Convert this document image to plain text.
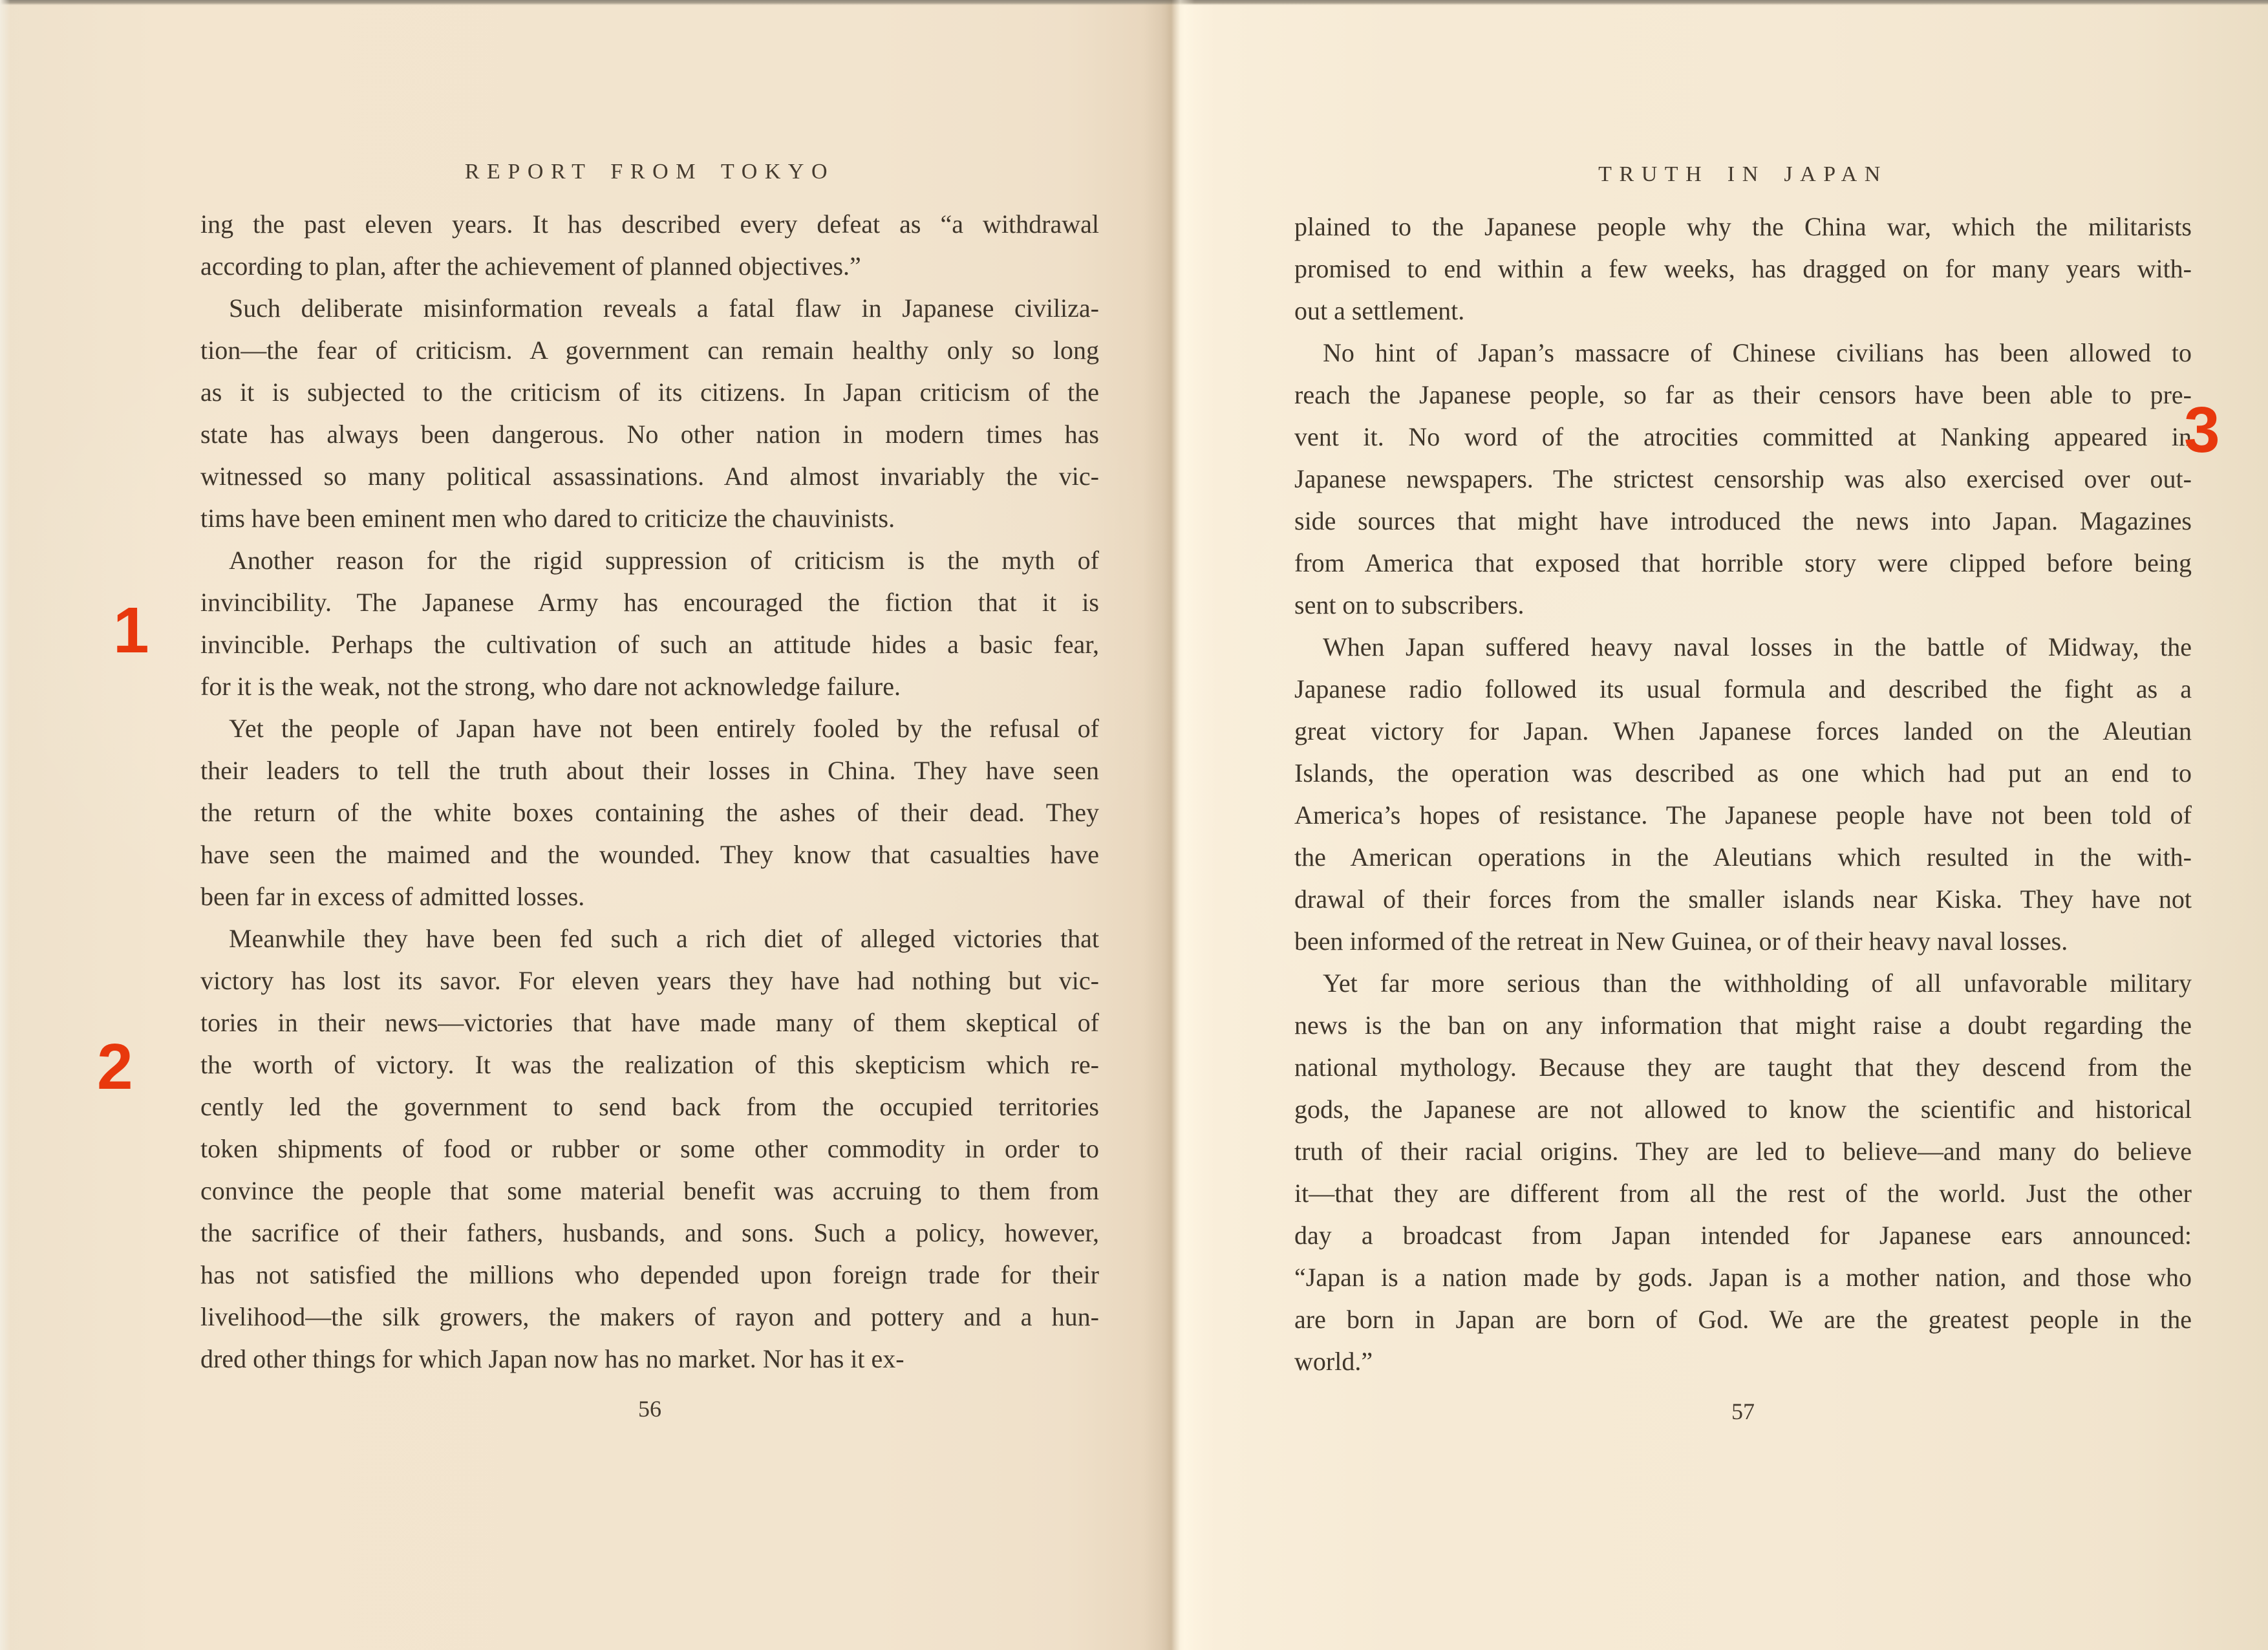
REPORT FROM TOKYO
ing the past eleven years. It has described every defeat as “a withdrawal
according to plan, after the achievement of planned objectives.”
Such deliberate misinformation reveals a fatal flaw in Japanese civiliza-
tion—the fear of criticism. A government can remain healthy only so long
as it is subjected to the criticism of its citizens. In Japan criticism of the
state has always been dangerous. No other nation in modern times has
witnessed so many political assassinations. And almost invariably the vic-
tims have been eminent men who dared to criticize the chauvinists.
Another reason for the rigid suppression of criticism is the myth of
invincibility. The Japanese Army has encouraged the fiction that it is
invincible. Perhaps the cultivation of such an attitude hides a basic fear,
for it is the weak, not the strong, who dare not acknowledge failure.
Yet the people of Japan have not been entirely fooled by the refusal of
their leaders to tell the truth about their losses in China. They have seen
the return of the white boxes containing the ashes of their dead. They
have seen the maimed and the wounded. They know that casualties have
been far in excess of admitted losses.
Meanwhile they have been fed such a rich diet of alleged victories that
victory has lost its savor. For eleven years they have had nothing but vic-
tories in their news—victories that have made many of them skeptical of
the worth of victory. It was the realization of this skepticism which re-
cently led the government to send back from the occupied territories
token shipments of food or rubber or some other commodity in order to
convince the people that some material benefit was accruing to them from
the sacrifice of their fathers, husbands, and sons. Such a policy, however,
has not satisfied the millions who depended upon foreign trade for their
livelihood—the silk growers, the makers of rayon and pottery and a hun-
dred other things for which Japan now has no market. Nor has it ex-
56
TRUTH IN JAPAN
plained to the Japanese people why the China war, which the militarists
promised to end within a few weeks, has dragged on for many years with-
out a settlement.
No hint of Japan’s massacre of Chinese civilians has been allowed to
reach the Japanese people, so far as their censors have been able to pre-
vent it. No word of the atrocities committed at Nanking appeared in
Japanese newspapers. The strictest censorship was also exercised over out-
side sources that might have introduced the news into Japan. Magazines
from America that exposed that horrible story were clipped before being
sent on to subscribers.
When Japan suffered heavy naval losses in the battle of Midway, the
Japanese radio followed its usual formula and described the fight as a
great victory for Japan. When Japanese forces landed on the Aleutian
Islands, the operation was described as one which had put an end to
America’s hopes of resistance. The Japanese people have not been told of
the American operations in the Aleutians which resulted in the with-
drawal of their forces from the smaller islands near Kiska. They have not
been informed of the retreat in New Guinea, or of their heavy naval losses.
Yet far more serious than the withholding of all unfavorable military
news is the ban on any information that might raise a doubt regarding the
national mythology. Because they are taught that they descend from the
gods, the Japanese are not allowed to know the scientific and historical
truth of their racial origins. They are led to believe—and many do believe
it—that they are different from all the rest of the world. Just the other
day a broadcast from Japan intended for Japanese ears announced:
“Japan is a nation made by gods. Japan is a mother nation, and those who
are born in Japan are born of God. We are the greatest people in the
world.”
57
1
2
3
